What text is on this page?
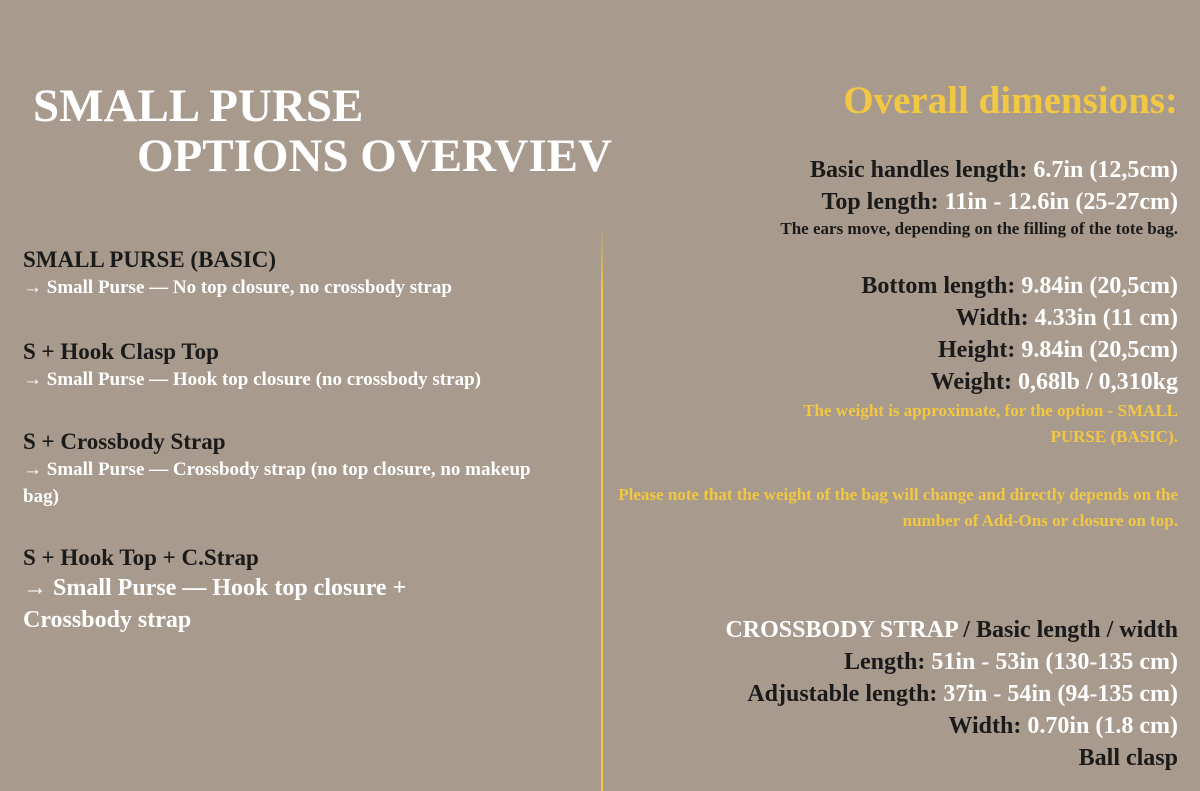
SMALL PURSE
OPTIONS OVERVIEV
SMALL PURSE (BASIC)
→ Small Purse — No top closure, no crossbody strap
S + Hook Clasp Top
→ Small Purse — Hook top closure (no crossbody strap)
S + Crossbody Strap
→ Small Purse — Crossbody strap (no top closure, no makeup bag)
S + Hook Top + C.Strap
→ Small Purse — Hook top closure + Crossbody strap
Overall dimensions:
Basic handles length: 6.7in (12,5cm)
Top length: 11in - 12.6in (25-27cm)
The ears move, depending on the filling of the tote bag.
Bottom length: 9.84in (20,5cm)
Width: 4.33in (11 cm)
Height: 9.84in (20,5cm)
Weight: 0,68lb / 0,310kg
The weight is approximate, for the option - SMALL PURSE (BASIC).
Please note that the weight of the bag will change and directly depends on the number of Add-Ons or closure on top.
CROSSBODY STRAP / Basic length / width
Length: 51in - 53in (130-135 cm)
Adjustable length: 37in - 54in (94-135 cm)
Width: 0.70in (1.8 cm)
Ball clasp
